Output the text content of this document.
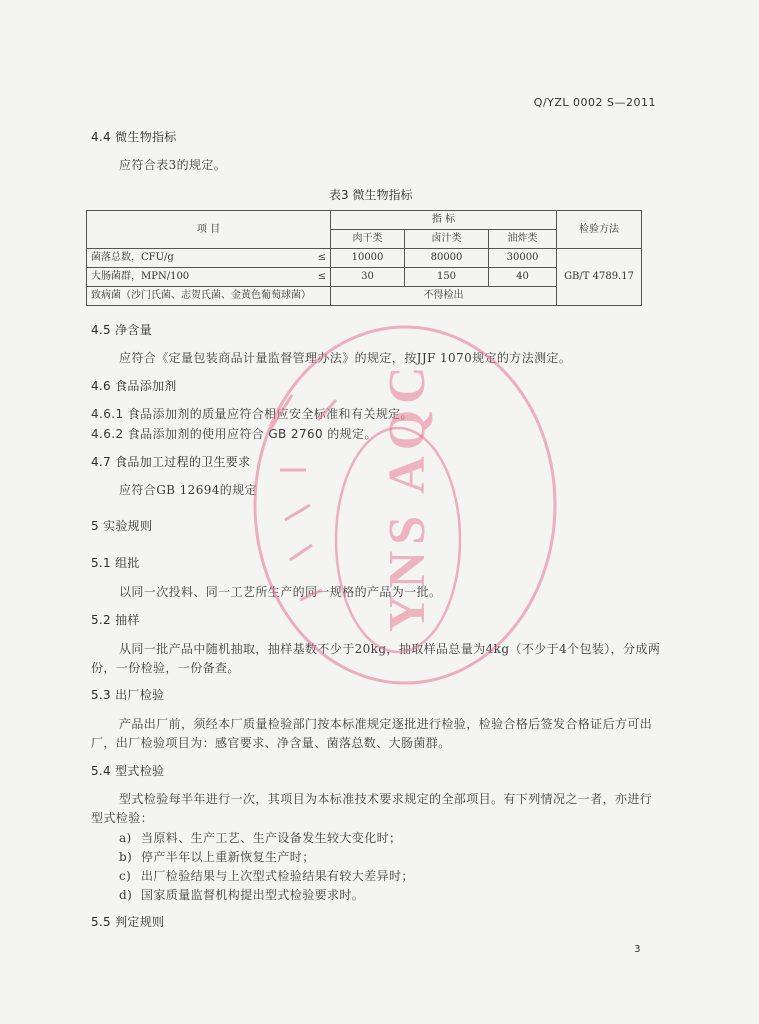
Q/YZL 0002 S—2011
4.4 微生物指标
应符合表3的规定。
表3 微生物指标
项 目	指 标			检验方法
	肉干类	卤汁类	油炸类	

菌落总数，CFU/g ≤	10000	80000	30000	GB/T 4789.17

大肠菌群，MPN/100 ≤	30	150	40	
致病菌（沙门氏菌、志贺氏菌、金黄色葡萄球菌）	不得检出			
4.5 净含量
应符合《定量包装商品计量监督管理办法》的规定，按JJF 1070规定的方法测定。
4.6 食品添加剂
4.6.1 食品添加剂的质量应符合相应安全标准和有关规定。
4.6.2 食品添加剂的使用应符合 GB 2760 的规定。
4.7 食品加工过程的卫生要求
应符合GB 12694的规定
5 实验规则
5.1 组批
以同一次投料、同一工艺所生产的同一规格的产品为一批。
5.2 抽样
从同一批产品中随机抽取，抽样基数不少于20kg，抽取样品总量为4kg（不少于4个包装），分成两
份，一份检验，一份备查。
5.3 出厂检验
产品出厂前，须经本厂质量检验部门按本标准规定逐批进行检验，检验合格后签发合格证后方可出
厂，出厂检验项目为：感官要求、净含量、菌落总数、大肠菌群。
5.4 型式检验
型式检验每半年进行一次，其项目为本标准技术要求规定的全部项目。有下列情况之一者，亦进行
型式检验：
a) 当原料、生产工艺、生产设备发生较大变化时；
b) 停产半年以上重新恢复生产时；
c) 出厂检验结果与上次型式检验结果有较大差异时；
d) 国家质量监督机构提出型式检验要求时。
5.5 判定规则
3
YNS AQC
